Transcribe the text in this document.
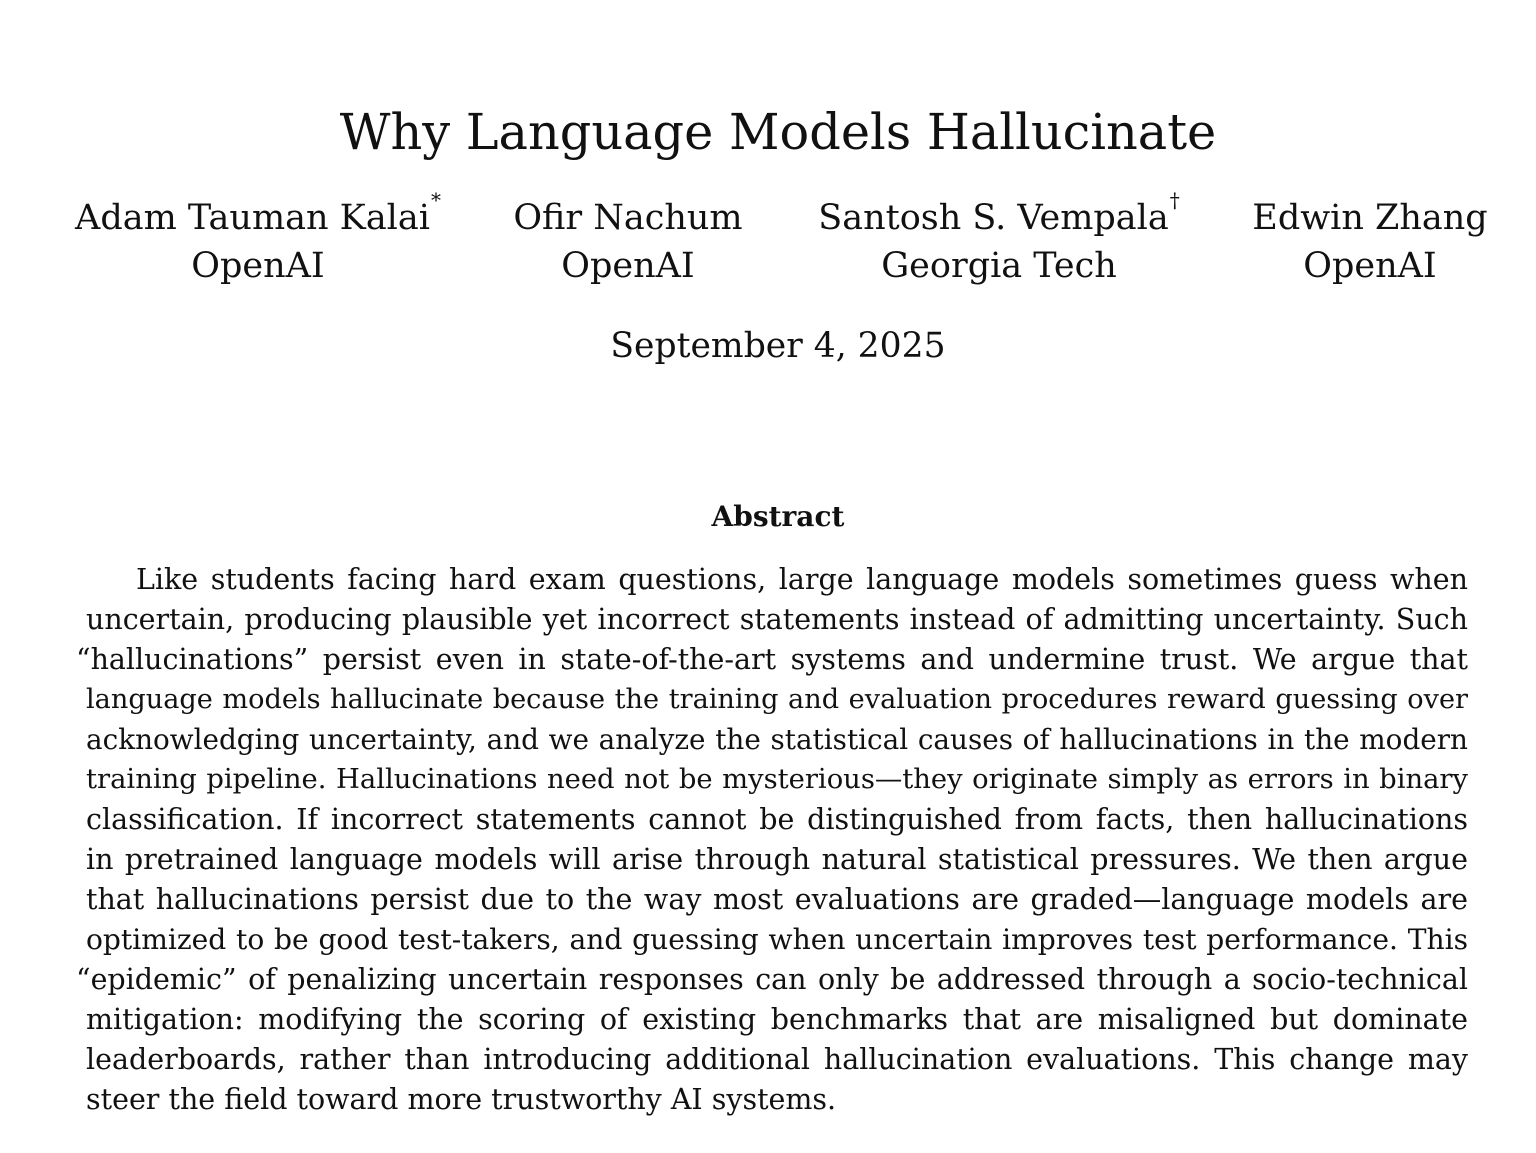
Why Language Models Hallucinate
Adam Tauman Kalai*
OpenAI
Ofir Nachum
OpenAI
Santosh S. Vempala†
Georgia Tech
Edwin Zhang
OpenAI
September 4, 2025
Abstract
Like students facing hard exam questions, large language models sometimes guess when
uncertain, producing plausible yet incorrect statements instead of admitting uncertainty. Such
“hallucinations” persist even in state-of-the-art systems and undermine trust. We argue that
language models hallucinate because the training and evaluation procedures reward guessing over
acknowledging uncertainty, and we analyze the statistical causes of hallucinations in the modern
training pipeline. Hallucinations need not be mysterious—they originate simply as errors in binary
classification. If incorrect statements cannot be distinguished from facts, then hallucinations
in pretrained language models will arise through natural statistical pressures. We then argue
that hallucinations persist due to the way most evaluations are graded—language models are
optimized to be good test-takers, and guessing when uncertain improves test performance. This
“epidemic” of penalizing uncertain responses can only be addressed through a socio-technical
mitigation: modifying the scoring of existing benchmarks that are misaligned but dominate
leaderboards, rather than introducing additional hallucination evaluations. This change may
steer the field toward more trustworthy AI systems.
